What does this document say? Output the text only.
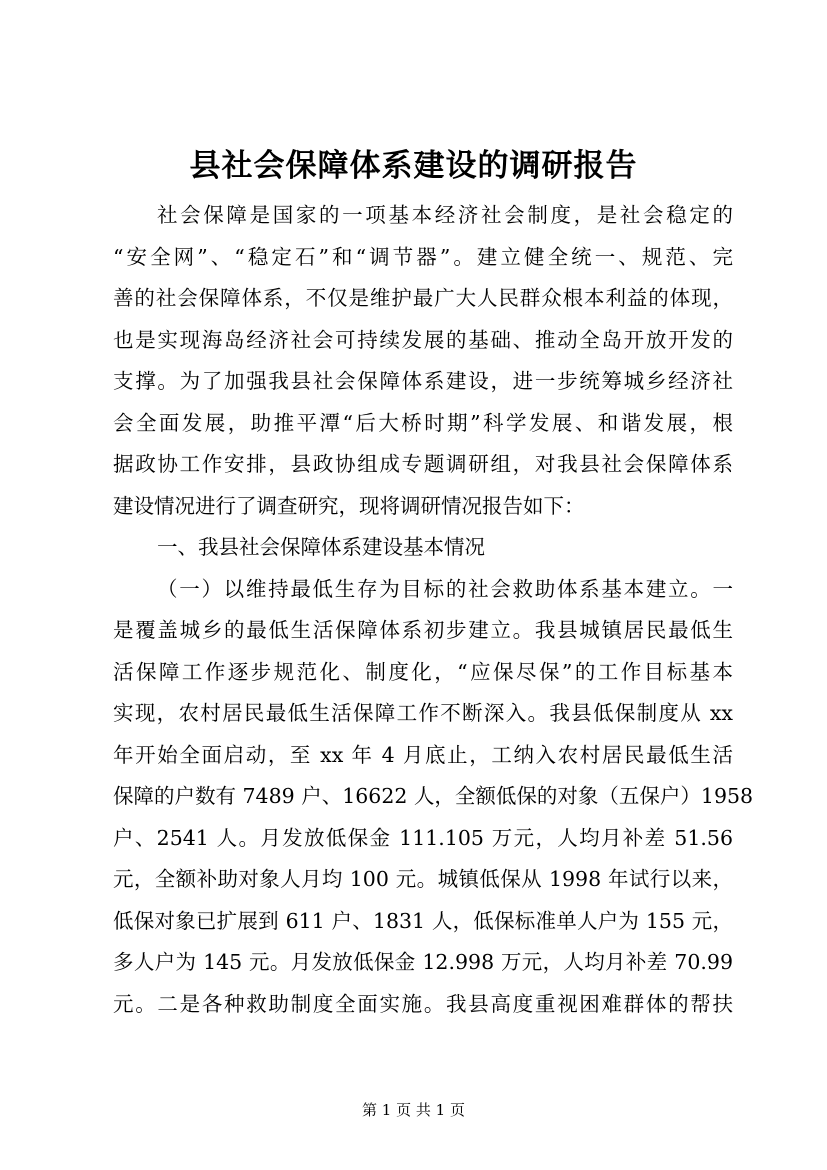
县社会保障体系建设的调研报告
社会保障是国家的一项基本经济社会制度，是社会稳定的
“安全网”、“稳定石”和“调节器”。建立健全统一、规范、完
善的社会保障体系，不仅是维护最广大人民群众根本利益的体现，
也是实现海岛经济社会可持续发展的基础、推动全岛开放开发的
支撑。为了加强我县社会保障体系建设，进一步统筹城乡经济社
会全面发展，助推平潭“后大桥时期”科学发展、和谐发展，根
据政协工作安排，县政协组成专题调研组，对我县社会保障体系
建设情况进行了调查研究，现将调研情况报告如下：
一、我县社会保障体系建设基本情况
（一）以维持最低生存为目标的社会救助体系基本建立。一
是覆盖城乡的最低生活保障体系初步建立。我县城镇居民最低生
活保障工作逐步规范化、制度化，“应保尽保”的工作目标基本
实现，农村居民最低生活保障工作不断深入。我县低保制度从 xx
年开始全面启动，至 xx 年 4 月底止，工纳入农村居民最低生活
保障的户数有 7489 户、16622 人，全额低保的对象（五保户）1958
户、2541 人。月发放低保金 111.105 万元，人均月补差 51.56
元，全额补助对象人月均 100 元。城镇低保从 1998 年试行以来，
低保对象已扩展到 611 户、1831 人，低保标准单人户为 155 元，
多人户为 145 元。月发放低保金 12.998 万元，人均月补差 70.99
元。二是各种救助制度全面实施。我县高度重视困难群体的帮扶
第 1 页 共 1 页
